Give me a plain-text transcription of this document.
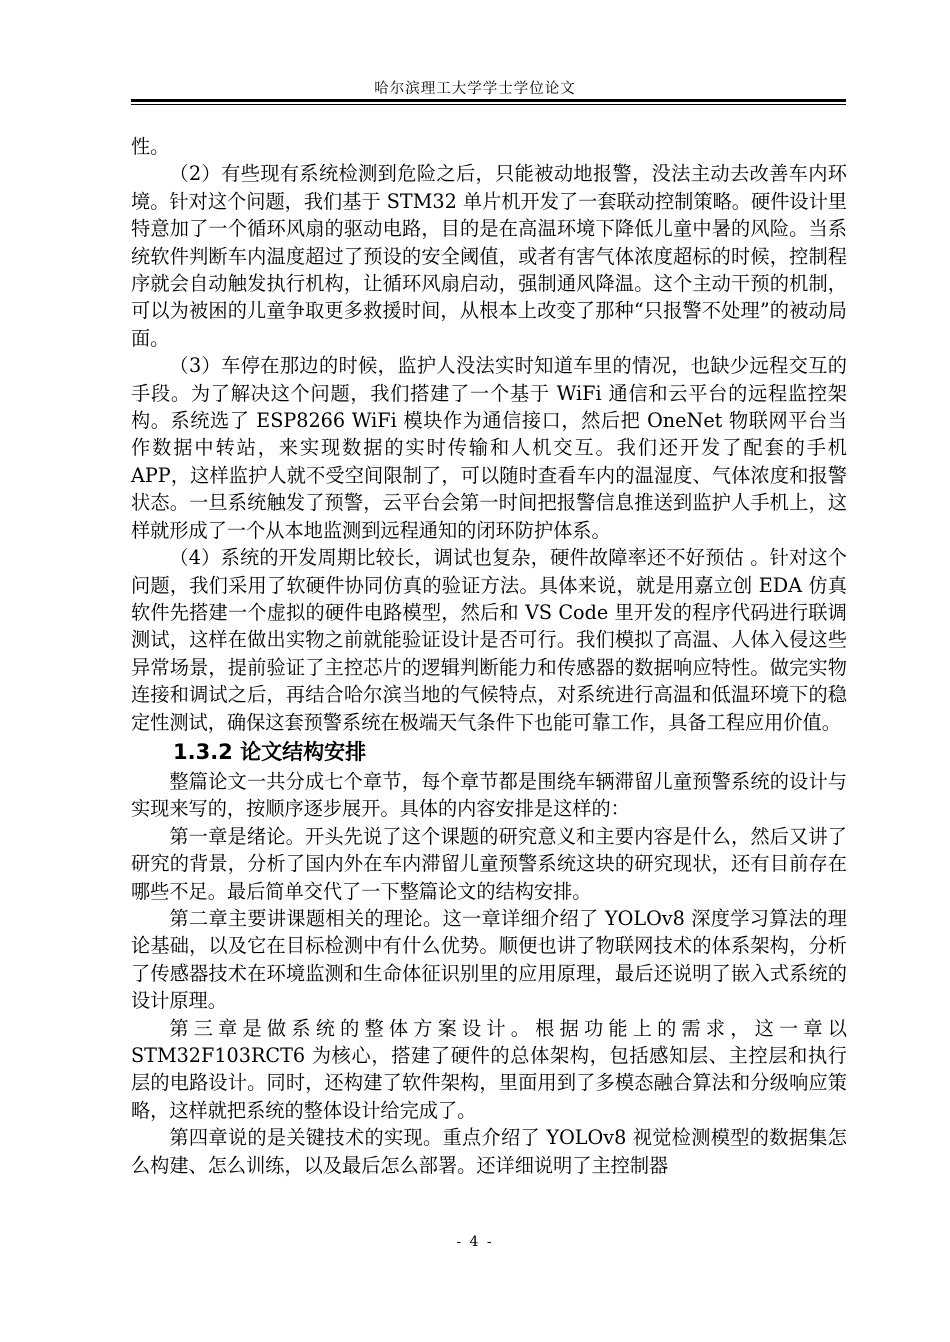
哈尔滨理工大学学士学位论文

性。

（2）有些现有系统检测到危险之后，只能被动地报警，没法主动去改善车内环境。针对这个问题，我们基于 STM32 单片机开发了一套联动控制策略。硬件设计里特意加了一个循环风扇的驱动电路，目的是在高温环境下降低儿童中暑的风险。当系统软件判断车内温度超过了预设的安全阈值，或者有害气体浓度超标的时候，控制程序就会自动触发执行机构，让循环风扇启动，强制通风降温。这个主动干预的机制，可以为被困的儿童争取更多救援时间，从根本上改变了那种“只报警不处理”的被动局面。

（3）车停在那边的时候，监护人没法实时知道车里的情况，也缺少远程交互的手段。为了解决这个问题，我们搭建了一个基于 WiFi 通信和云平台的远程监控架构。系统选了 ESP8266 WiFi 模块作为通信接口，然后把 OneNet 物联网平台当作数据中转站，来实现数据的实时传输和人机交互。我们还开发了配套的手机 APP，这样监护人就不受空间限制了，可以随时查看车内的温湿度、气体浓度和报警状态。一旦系统触发了预警，云平台会第一时间把报警信息推送到监护人手机上，这样就形成了一个从本地监测到远程通知的闭环防护体系。

（4）系统的开发周期比较长，调试也复杂，硬件故障率还不好预估 。针对这个问题，我们采用了软硬件协同仿真的验证方法。具体来说，就是用嘉立创 EDA 仿真软件先搭建一个虚拟的硬件电路模型，然后和 VS Code 里开发的程序代码进行联调测试，这样在做出实物之前就能验证设计是否可行。我们模拟了高温、人体入侵这些异常场景，提前验证了主控芯片的逻辑判断能力和传感器的数据响应特性。做完实物连接和调试之后，再结合哈尔滨当地的气候特点，对系统进行高温和低温环境下的稳定性测试，确保这套预警系统在极端天气条件下也能可靠工作，具备工程应用价值。

1.3.2 论文结构安排

整篇论文一共分成七个章节，每个章节都是围绕车辆滞留儿童预警系统的设计与实现来写的，按顺序逐步展开。具体的内容安排是这样的：

第一章是绪论。开头先说了这个课题的研究意义和主要内容是什么，然后又讲了研究的背景，分析了国内外在车内滞留儿童预警系统这块的研究现状，还有目前存在哪些不足。最后简单交代了一下整篇论文的结构安排。

第二章主要讲课题相关的理论。这一章详细介绍了 YOLOv8 深度学习算法的理论基础，以及它在目标检测中有什么优势。顺便也讲了物联网技术的体系架构，分析了传感器技术在环境监测和生命体征识别里的应用原理，最后还说明了嵌入式系统的设计原理。

第三章是做系统的整体方案设计。根据功能上的需求，这一章以 STM32F103RCT6 为核心，搭建了硬件的总体架构，包括感知层、主控层和执行层的电路设计。同时，还构建了软件架构，里面用到了多模态融合算法和分级响应策略，这样就把系统的整体设计给完成了。

第四章说的是关键技术的实现。重点介绍了 YOLOv8 视觉检测模型的数据集怎么构建、怎么训练，以及最后怎么部署。还详细说明了主控制器

- 4 -
